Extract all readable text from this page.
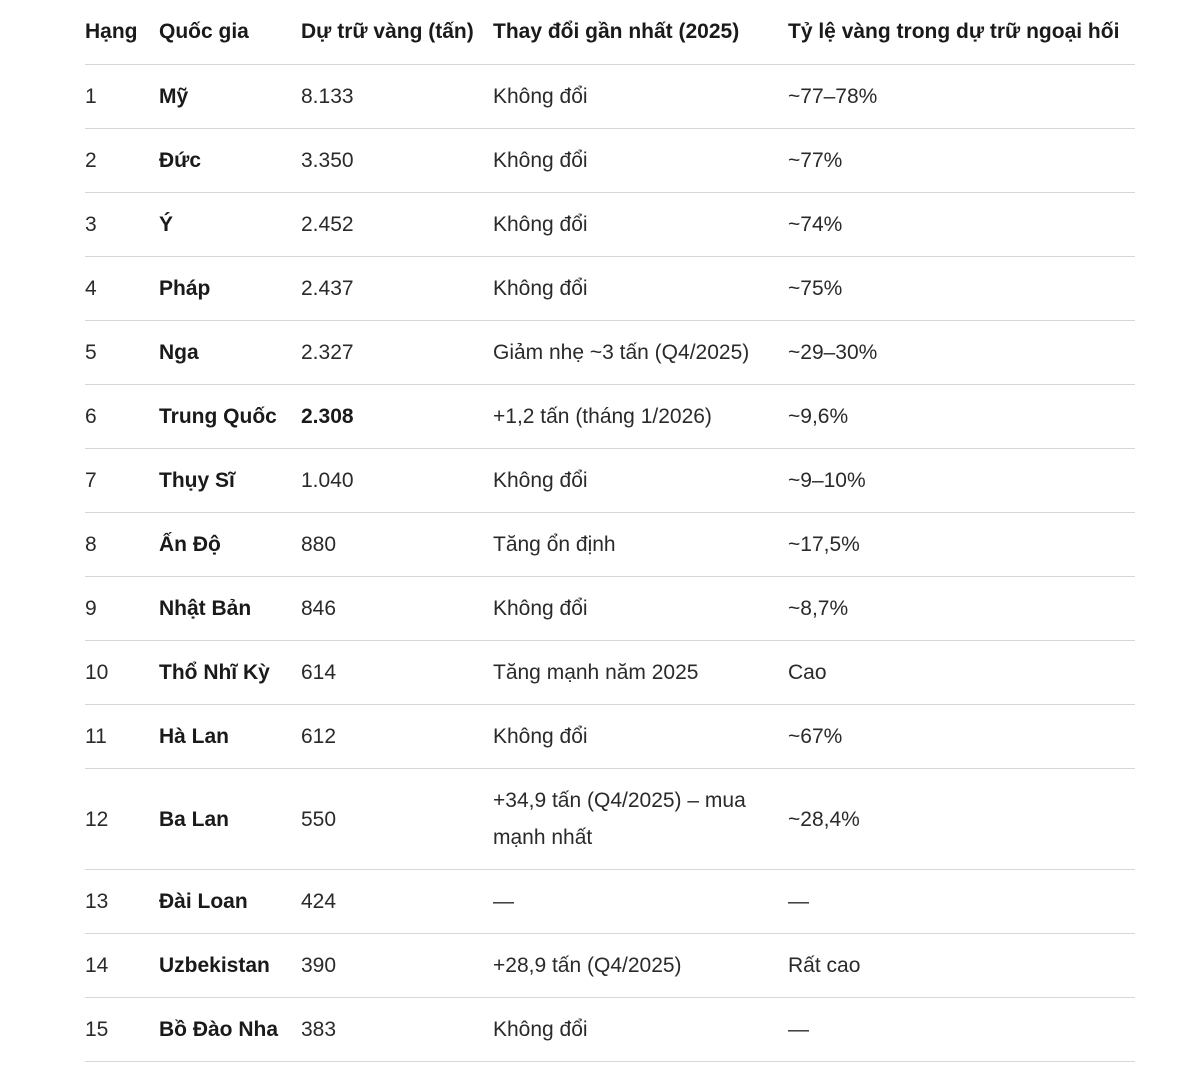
Hạng	Quốc gia	Dự trữ vàng (tấn)	Thay đổi gần nhất (2025)	Tỷ lệ vàng trong dự trữ ngoại hối
1	Mỹ	8.133	Không đổi	~77–78%
2	Đức	3.350	Không đổi	~77%
3	Ý	2.452	Không đổi	~74%
4	Pháp	2.437	Không đổi	~75%
5	Nga	2.327	Giảm nhẹ ~3 tấn (Q4/2025)	~29–30%
6	Trung Quốc	2.308	+1,2 tấn (tháng 1/2026)	~9,6%
7	Thụy Sĩ	1.040	Không đổi	~9–10%
8	Ấn Độ	880	Tăng ổn định	~17,5%
9	Nhật Bản	846	Không đổi	~8,7%
10	Thổ Nhĩ Kỳ	614	Tăng mạnh năm 2025	Cao
11	Hà Lan	612	Không đổi	~67%
12	Ba Lan	550	+34,9 tấn (Q4/2025) – mua mạnh nhất	~28,4%
13	Đài Loan	424	—	—
14	Uzbekistan	390	+28,9 tấn (Q4/2025)	Rất cao
15	Bồ Đào Nha	383	Không đổi	—
